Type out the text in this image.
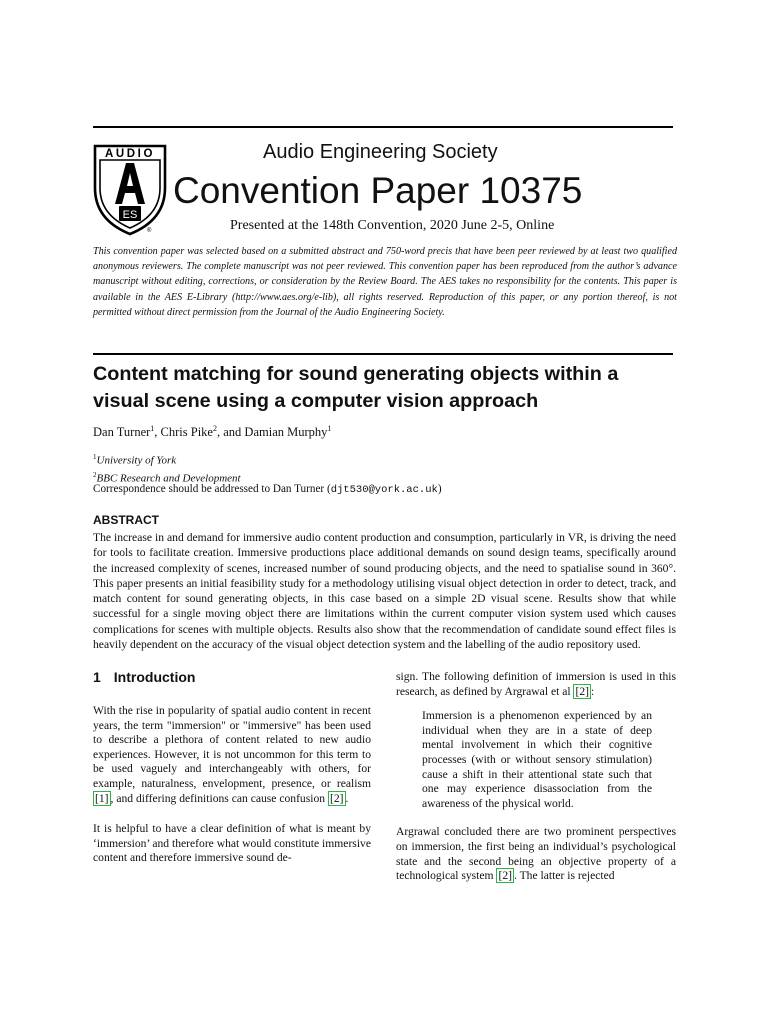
AUDIO
ES
®
Audio Engineering Society
Convention Paper 10375
Presented at the 148th Convention, 2020 June 2-5, Online
This convention paper was selected based on a submitted abstract and 750-word precis that have been peer reviewed by at least two qualified anonymous reviewers. The complete manuscript was not peer reviewed. This convention paper has been reproduced from the author’s advance manuscript without editing, corrections, or consideration by the Review Board. The AES takes no responsibility for the contents. This paper is available in the AES E-Library (http://www.aes.org/e-lib), all rights reserved. Reproduction of this paper, or any portion thereof, is not permitted without direct permission from the Journal of the Audio Engineering Society.
Content matching for sound generating objects within a visual scene using a computer vision approach
Dan Turner$^1$, Chris Pike$^2$, and Damian Murphy$^1$
$^1$University of York
$^2$BBC Research and Development
Correspondence should be addressed to Dan Turner (djt530@york.ac.uk)
ABSTRACT
The increase in and demand for immersive audio content production and consumption, particularly in VR, is driving the need for tools to facilitate creation. Immersive productions place additional demands on sound design teams, specifically around the increased complexity of scenes, increased number of sound producing objects, and the need to spatialise sound in 360°. This paper presents an initial feasibility study for a methodology utilising visual object detection in order to detect, track, and match content for sound generating objects, in this case based on a simple 2D visual scene. Results show that while successful for a single moving object there are limitations within the current computer vision system used which causes complications for scenes with multiple objects. Results also show that the recommendation of candidate sound effect files is heavily dependent on the accuracy of the visual object detection system and the labelling of the audio repository used.
1 Introduction

With the rise in popularity of spatial audio content in recent years, the term "immersion" or "immersive" has been used to describe a plethora of content related to new audio experiences. However, it is not uncommon for this term to be used vaguely and interchangeably with others, for example, naturalness, envelopment, presence, or realism [1] , and differing definitions can cause confusion [2] .

It is helpful to have a clear definition of what is meant by ‘immersion’ and therefore what would constitute immersive content and therefore immersive sound de-

sign. The following definition of immersion is used in this research, as defined by Argrawal et al [2] :

Immersion is a phenomenon experienced by an individual when they are in a state of deep mental involvement in which their cognitive processes (with or without sensory stimulation) cause a shift in their attentional state such that one may experience disassociation from the awareness of the physical world.

Argrawal concluded there are two prominent perspectives on immersion, the first being an individual’s psychological state and the second being an objective property of a technological system [2] . The latter is rejected
